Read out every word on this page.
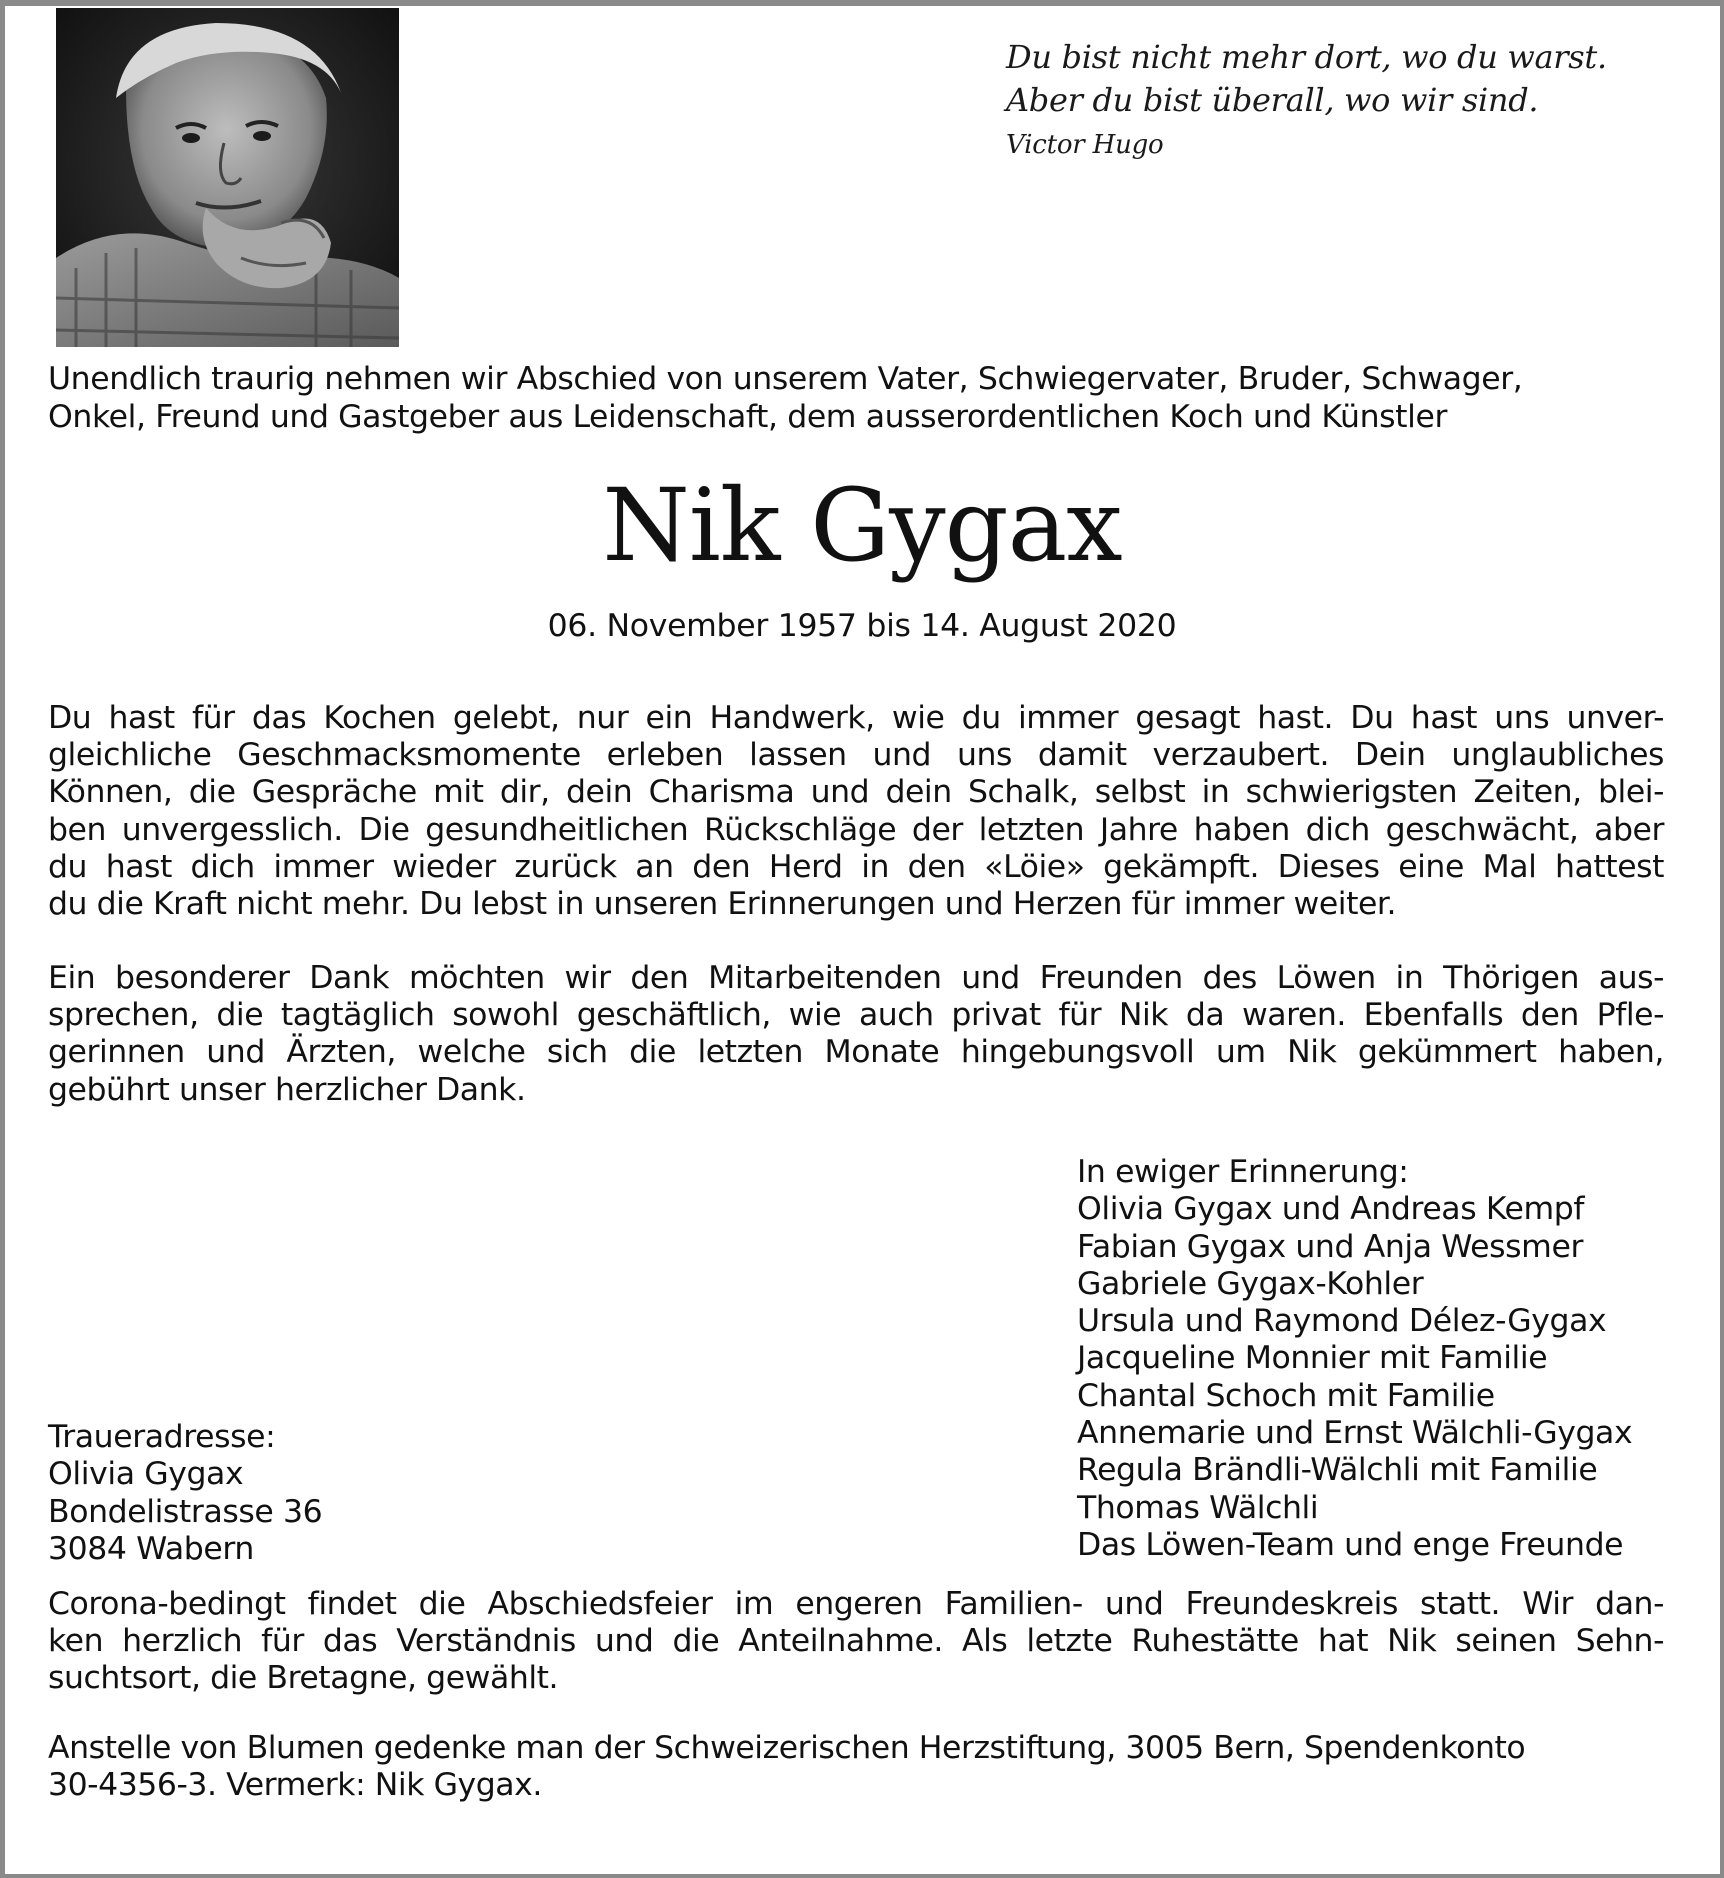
Du bist nicht mehr dort, wo du warst.
Aber du bist überall, wo wir sind.
Victor Hugo
Unendlich traurig nehmen wir Abschied von unserem Vater, Schwiegervater, Bruder, Schwager,
Onkel, Freund und Gastgeber aus Leidenschaft, dem ausserordentlichen Koch und Künstler
Nik Gygax
06. November 1957 bis 14. August 2020
Du hast für das Kochen gelebt, nur ein Handwerk, wie du immer gesagt hast. Du hast uns unver-
gleichliche Geschmacksmomente erleben lassen und uns damit verzaubert. Dein unglaubliches
Können, die Gespräche mit dir, dein Charisma und dein Schalk, selbst in schwierigsten Zeiten, blei-
ben unvergesslich. Die gesundheitlichen Rückschläge der letzten Jahre haben dich geschwächt, aber
du hast dich immer wieder zurück an den Herd in den «Löie» gekämpft. Dieses eine Mal hattest
du die Kraft nicht mehr. Du lebst in unseren Erinnerungen und Herzen für immer weiter.
Ein besonderer Dank möchten wir den Mitarbeitenden und Freunden des Löwen in Thörigen aus-
sprechen, die tagtäglich sowohl geschäftlich, wie auch privat für Nik da waren. Ebenfalls den Pfle-
gerinnen und Ärzten, welche sich die letzten Monate hingebungsvoll um Nik gekümmert haben,
gebührt unser herzlicher Dank.
In ewiger Erinnerung:
Olivia Gygax und Andreas Kempf
Fabian Gygax und Anja Wessmer
Gabriele Gygax-Kohler
Ursula und Raymond Délez-Gygax
Jacqueline Monnier mit Familie
Chantal Schoch mit Familie
Annemarie und Ernst Wälchli-Gygax
Regula Brändli-Wälchli mit Familie
Thomas Wälchli
Das Löwen-Team und enge Freunde
Traueradresse:
Olivia Gygax
Bondelistrasse 36
3084 Wabern
Corona-bedingt findet die Abschiedsfeier im engeren Familien- und Freundeskreis statt. Wir dan-
ken herzlich für das Verständnis und die Anteilnahme. Als letzte Ruhestätte hat Nik seinen Sehn-
suchtsort, die Bretagne, gewählt.
Anstelle von Blumen gedenke man der Schweizerischen Herzstiftung, 3005 Bern, Spendenkonto
30-4356-3. Vermerk: Nik Gygax.
